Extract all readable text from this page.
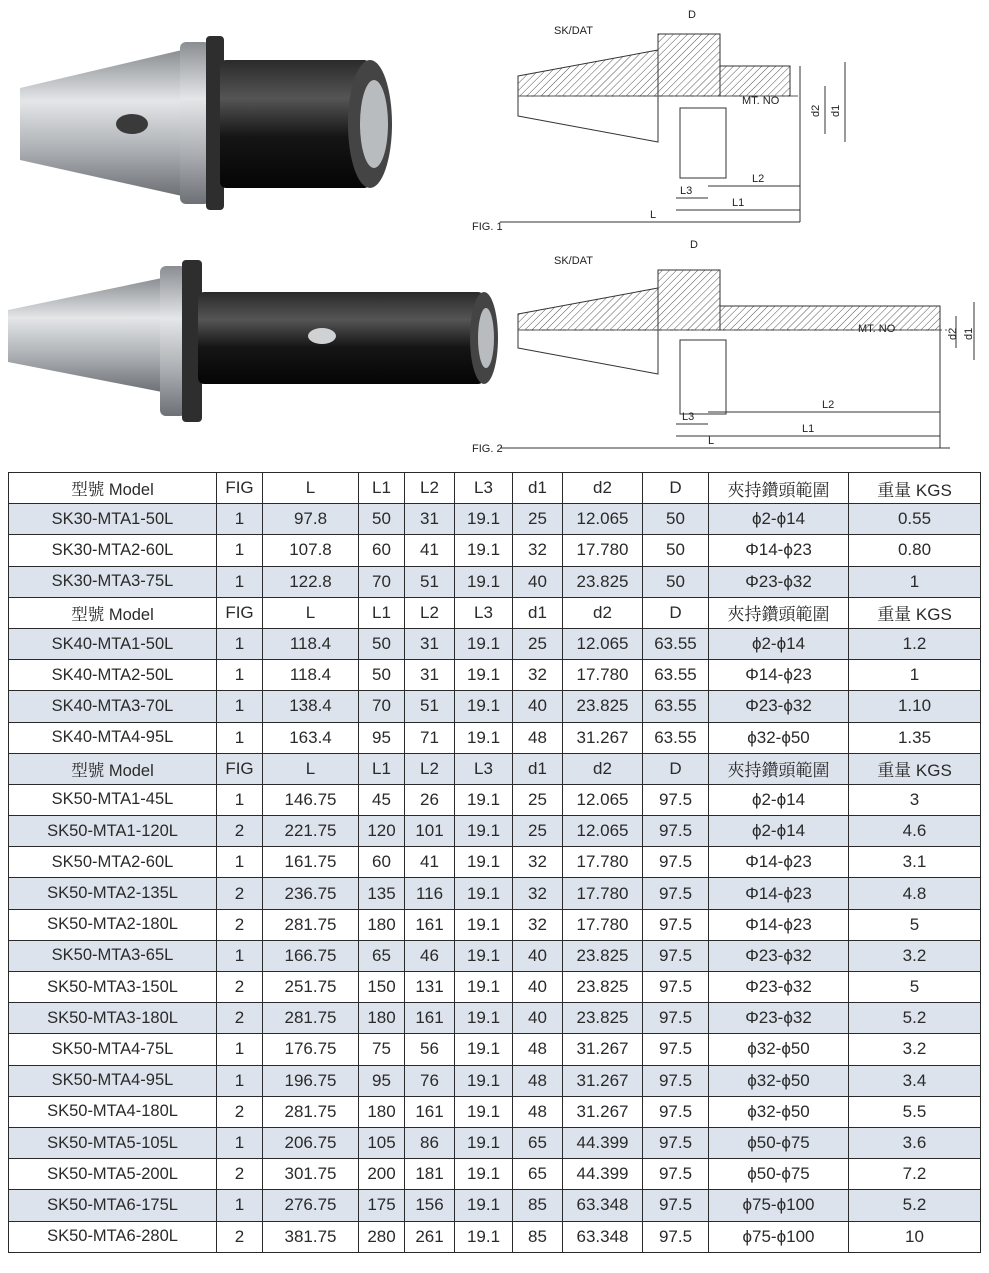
SK/DAT
D
MT. NO
d2 d1
L
L1
L3
L2
FIG. 1
SK/DAT
D
MT. NO	d2 d1
L
L1
L3
L2
FIG. 2
型號 Model	FIG	L	L1	L2	L3	d1	d2	D	夾持鑽頭範圍	重量 KGS
SK30-MTA1-50L	1	97.8	50	31	19.1	25	12.065	50	ϕ2-ϕ14	0.55
SK30-MTA2-60L	1	107.8	60	41	19.1	32	17.780	50	Φ14-ϕ23	0.80
SK30-MTA3-75L	1	122.8	70	51	19.1	40	23.825	50	Φ23-ϕ32	1
型號 Model	FIG	L	L1	L2	L3	d1	d2	D	夾持鑽頭範圍	重量 KGS
SK40-MTA1-50L	1	118.4	50	31	19.1	25	12.065	63.55	ϕ2-ϕ14	1.2
SK40-MTA2-50L	1	118.4	50	31	19.1	32	17.780	63.55	Φ14-ϕ23	1
SK40-MTA3-70L	1	138.4	70	51	19.1	40	23.825	63.55	Φ23-ϕ32	1.10
SK40-MTA4-95L	1	163.4	95	71	19.1	48	31.267	63.55	ϕ32-ϕ50	1.35
型號 Model	FIG	L	L1	L2	L3	d1	d2	D	夾持鑽頭範圍	重量 KGS
SK50-MTA1-45L	1	146.75	45	26	19.1	25	12.065	97.5	ϕ2-ϕ14	3
SK50-MTA1-120L	2	221.75	120	101	19.1	25	12.065	97.5	ϕ2-ϕ14	4.6
SK50-MTA2-60L	1	161.75	60	41	19.1	32	17.780	97.5	Φ14-ϕ23	3.1
SK50-MTA2-135L	2	236.75	135	116	19.1	32	17.780	97.5	Φ14-ϕ23	4.8
SK50-MTA2-180L	2	281.75	180	161	19.1	32	17.780	97.5	Φ14-ϕ23	5
SK50-MTA3-65L	1	166.75	65	46	19.1	40	23.825	97.5	Φ23-ϕ32	3.2
SK50-MTA3-150L	2	251.75	150	131	19.1	40	23.825	97.5	Φ23-ϕ32	5
SK50-MTA3-180L	2	281.75	180	161	19.1	40	23.825	97.5	Φ23-ϕ32	5.2
SK50-MTA4-75L	1	176.75	75	56	19.1	48	31.267	97.5	ϕ32-ϕ50	3.2
SK50-MTA4-95L	1	196.75	95	76	19.1	48	31.267	97.5	ϕ32-ϕ50	3.4
SK50-MTA4-180L	2	281.75	180	161	19.1	48	31.267	97.5	ϕ32-ϕ50	5.5
SK50-MTA5-105L	1	206.75	105	86	19.1	65	44.399	97.5	ϕ50-ϕ75	3.6
SK50-MTA5-200L	2	301.75	200	181	19.1	65	44.399	97.5	ϕ50-ϕ75	7.2
SK50-MTA6-175L	1	276.75	175	156	19.1	85	63.348	97.5	ϕ75-ϕ100	5.2
SK50-MTA6-280L	2	381.75	280	261	19.1	85	63.348	97.5	ϕ75-ϕ100	10
